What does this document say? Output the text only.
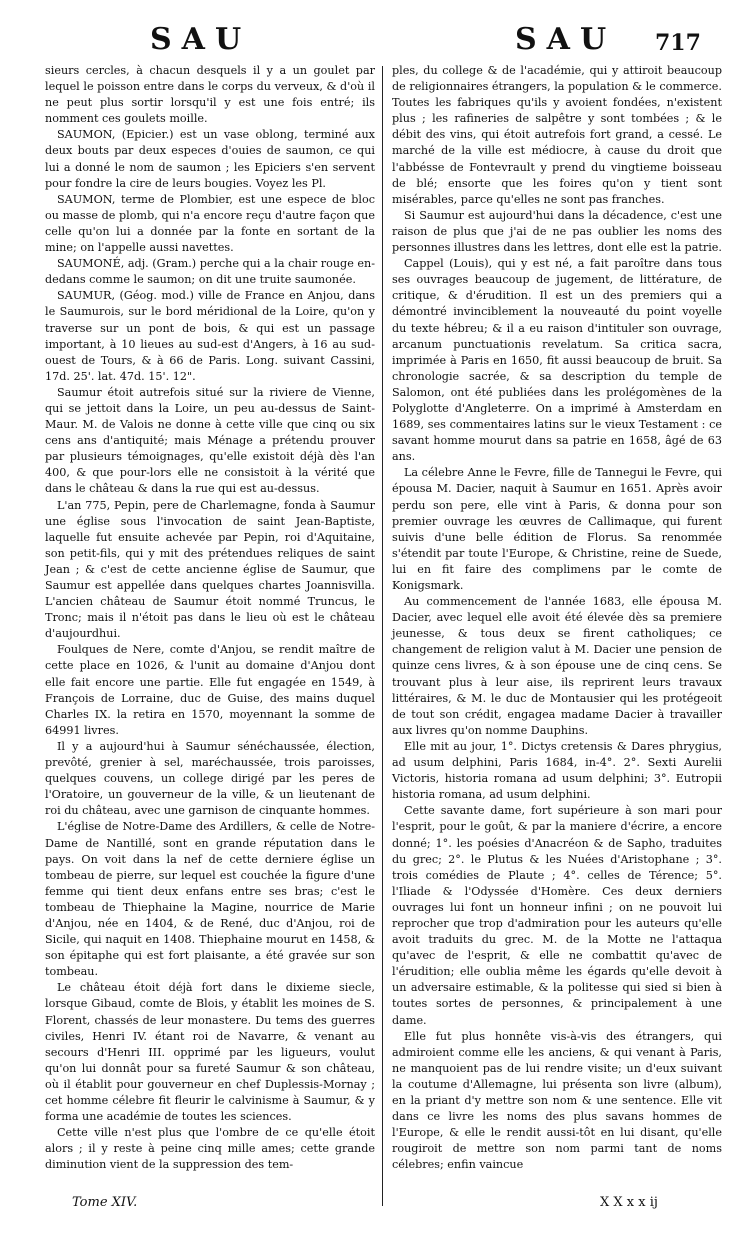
SAU	SAU 717

sieurs cercles, à chacun desquels il y a un goulet par lequel le poisson entre dans le corps du verveux, & d'où il ne peut plus sortir lorsqu'il y est une fois entré; ils nomment ces goulets moille.

SAUMON, (Epicier.) est un vase oblong, terminé aux deux bouts par deux especes d'ouies de saumon, ce qui lui a donné le nom de saumon ; les Epiciers s'en servent pour fondre la cire de leurs bougies. Voyez les Pl.

SAUMON, terme de Plombier, est une espece de bloc ou masse de plomb, qui n'a encore reçu d'autre façon que celle qu'on lui a donnée par la fonte en sortant de la mine; on l'appelle aussi navettes.

SAUMONÉ, adj. (Gram.) perche qui a la chair rouge en-dedans comme le saumon; on dit une truite saumonée.

SAUMUR, (Géog. mod.) ville de France en Anjou, dans le Saumurois, sur le bord méridional de la Loire, qu'on y traverse sur un pont de bois, & qui est un passage important, à 10 lieues au sud-est d'Angers, à 16 au sud-ouest de Tours, & à 66 de Paris. Long. suivant Cassini, 17d. 25'. lat. 47d. 15'. 12".

Saumur étoit autrefois situé sur la riviere de Vienne, qui se jettoit dans la Loire, un peu au-dessus de Saint-Maur. M. de Valois ne donne à cette ville que cinq ou six cens ans d'antiquité; mais Ménage a prétendu prouver par plusieurs témoignages, qu'elle existoit déjà dès l'an 400, & que pour-lors elle ne consistoit à la vérité que dans le château & dans la rue qui est au-dessus.

L'an 775, Pepin, pere de Charlemagne, fonda à Saumur une église sous l'invocation de saint Jean-Baptiste, laquelle fut ensuite achevée par Pepin, roi d'Aquitaine, son petit-fils, qui y mit des prétendues reliques de saint Jean ; & c'est de cette ancienne église de Saumur, que Saumur est appellée dans quelques chartes Joannisvilla. L'ancien château de Saumur étoit nommé Truncus, le Tronc; mais il n'étoit pas dans le lieu où est le château d'aujourdhui.

Foulques de Nere, comte d'Anjou, se rendit maître de cette place en 1026, & l'unit au domaine d'Anjou dont elle fait encore une partie. Elle fut engagée en 1549, à François de Lorraine, duc de Guise, des mains duquel Charles IX. la retira en 1570, moyennant la somme de 64991 livres.

Il y a aujourd'hui à Saumur sénéchaussée, élection, prevôté, grenier à sel, maréchaussée, trois paroisses, quelques couvens, un college dirigé par les peres de l'Oratoire, un gouverneur de la ville, & un lieutenant de roi du château, avec une garnison de cinquante hommes.

L'église de Notre-Dame des Ardillers, & celle de Notre-Dame de Nantillé, sont en grande réputation dans le pays. On voit dans la nef de cette derniere église un tombeau de pierre, sur lequel est couchée la figure d'une femme qui tient deux enfans entre ses bras; c'est le tombeau de Thiephaine la Magine, nourrice de Marie d'Anjou, née en 1404, & de René, duc d'Anjou, roi de Sicile, qui naquit en 1408. Thiephaine mourut en 1458, & son épitaphe qui est fort plaisante, a été gravée sur son tombeau.

Le château étoit déjà fort dans le dixieme siecle, lorsque Gibaud, comte de Blois, y établit les moines de S. Florent, chassés de leur monastere. Du tems des guerres civiles, Henri IV. étant roi de Navarre, & venant au secours d'Henri III. opprimé par les ligueurs, voulut qu'on lui donnât pour sa fureté Saumur & son château, où il établit pour gouverneur en chef Duplessis-Mornay ; cet homme célebre fit fleurir le calvinisme à Saumur, & y forma une académie de toutes les sciences.

Cette ville n'est plus que l'ombre de ce qu'elle étoit alors ; il y reste à peine cinq mille ames; cette grande diminution vient de la suppression des tem-

ples, du college & de l'académie, qui y attiroit beaucoup de religionnaires étrangers, la population & le commerce. Toutes les fabriques qu'ils y avoient fondées, n'existent plus ; les rafineries de salpêtre y sont tombées ; & le débit des vins, qui étoit autrefois fort grand, a cessé. Le marché de la ville est médiocre, à cause du droit que l'abbésse de Fontevrault y prend du vingtieme boisseau de blé; ensorte que les foires qu'on y tient sont misérables, parce qu'elles ne sont pas franches.

Si Saumur est aujourd'hui dans la décadence, c'est une raison de plus que j'ai de ne pas oublier les noms des personnes illustres dans les lettres, dont elle est la patrie.

Cappel (Louis), qui y est né, a fait paroître dans tous ses ouvrages beaucoup de jugement, de littérature, de critique, & d'érudition. Il est un des premiers qui a démontré invinciblement la nouveauté du point voyelle du texte hébreu; & il a eu raison d'intituler son ouvrage, arcanum punctuationis revelatum. Sa critica sacra, imprimée à Paris en 1650, fit aussi beaucoup de bruit. Sa chronologie sacrée, & sa description du temple de Salomon, ont été publiées dans les prolégomènes de la Polyglotte d'Angleterre. On a imprimé à Amsterdam en 1689, ses commentaires latins sur le vieux Testament : ce savant homme mourut dans sa patrie en 1658, âgé de 63 ans.

La célebre Anne le Fevre, fille de Tannegui le Fevre, qui épousa M. Dacier, naquit à Saumur en 1651. Après avoir perdu son pere, elle vint à Paris, & donna pour son premier ouvrage les œuvres de Callimaque, qui furent suivis d'une belle édition de Florus. Sa renommée s'étendit par toute l'Europe, & Christine, reine de Suede, lui en fit faire des complimens par le comte de Konigsmark.

Au commencement de l'année 1683, elle épousa M. Dacier, avec lequel elle avoit été élevée dès sa premiere jeunesse, & tous deux se firent catholiques; ce changement de religion valut à M. Dacier une pension de quinze cens livres, & à son épouse une de cinq cens. Se trouvant plus à leur aise, ils reprirent leurs travaux littéraires, & M. le duc de Montausier qui les protégeoit de tout son crédit, engagea madame Dacier à travailler aux livres qu'on nomme Dauphins.

Elle mit au jour, 1°. Dictys cretensis & Dares phrygius, ad usum delphini, Paris 1684, in-4°. 2°. Sexti Aurelii Victoris, historia romana ad usum delphini; 3°. Eutropii historia romana, ad usum delphini.

Cette savante dame, fort supérieure à son mari pour l'esprit, pour le goût, & par la maniere d'écrire, a encore donné; 1°. les poésies d'Anacréon & de Sapho, traduites du grec; 2°. le Plutus & les Nuées d'Aristophane ; 3°. trois comédies de Plaute ; 4°. celles de Térence; 5°. l'Iliade & l'Odyssée d'Homère. Ces deux derniers ouvrages lui font un honneur infini ; on ne pouvoit lui reprocher que trop d'admiration pour les auteurs qu'elle avoit traduits du grec. M. de la Motte ne l'attaqua qu'avec de l'esprit, & elle ne combattit qu'avec de l'érudition; elle oublia même les égards qu'elle devoit à un adversaire estimable, & la politesse qui sied si bien à toutes sortes de personnes, & principalement à une dame.

Elle fut plus honnête vis-à-vis des étrangers, qui admiroient comme elle les anciens, & qui venant à Paris, ne manquoient pas de lui rendre visite; un d'eux suivant la coutume d'Allemagne, lui présenta son livre (album), en la priant d'y mettre son nom & une sentence. Elle vit dans ce livre les noms des plus savans hommes de l'Europe, & elle le rendit aussi-tôt en lui disant, qu'elle rougiroit de mettre son nom parmi tant de noms célebres; enfin vaincue

Tome XIV.	X X x x ij
